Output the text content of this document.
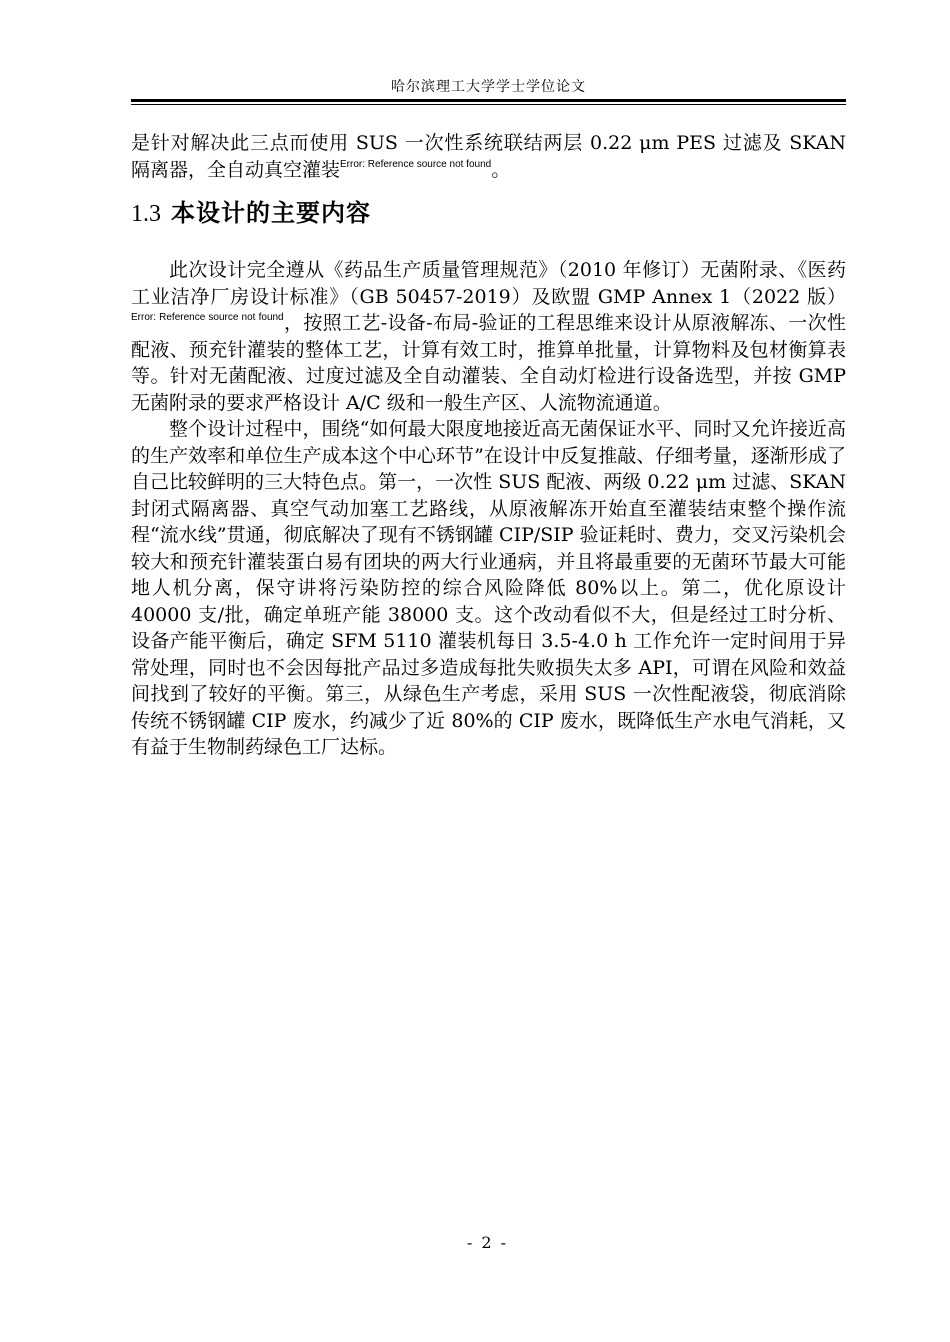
哈尔滨理工大学学士学位论文

是针对解决此三点而使用 SUS 一次性系统联结两层 0.22 μm PES 过滤及 SKAN 隔离器，全自动真空灌装$^{Error: Reference source not found}$。

1.3 本设计的主要内容

此次设计完全遵从《药品生产质量管理规范》（2010 年修订）无菌附录、《医药工业洁净厂房设计标准》（GB 50457-2019）及欧盟 GMP Annex 1（2022 版）$^{Error: Reference source not found}$，按照工艺-设备-布局-验证的工程思维来设计从原液解冻、一次性配液、预充针灌装的整体工艺，计算有效工时，推算单批量，计算物料及包材衡算表等。针对无菌配液、过度过滤及全自动灌装、全自动灯检进行设备选型，并按 GMP 无菌附录的要求严格设计 A/C 级和一般生产区、人流物流通道。

整个设计过程中，围绕“如何最大限度地接近高无菌保证水平、同时又允许接近高的生产效率和单位生产成本这个中心环节”在设计中反复推敲、仔细考量，逐渐形成了自己比较鲜明的三大特色点。第一，一次性 SUS 配液、两级 0.22 μm 过滤、SKAN 封闭式隔离器、真空气动加塞工艺路线，从原液解冻开始直至灌装结束整个操作流程“流水线”贯通，彻底解决了现有不锈钢罐 CIP/SIP 验证耗时、费力，交叉污染机会较大和预充针灌装蛋白易有团块的两大行业通病，并且将最重要的无菌环节最大可能地人机分离，保守讲将污染防控的综合风险降低 80%以上。第二，优化原设计 40000 支/批，确定单班产能 38000 支。这个改动看似不大，但是经过工时分析、设备产能平衡后，确定 SFM 5110 灌装机每日 3.5-4.0 h 工作允许一定时间用于异常处理，同时也不会因每批产品过多造成每批失败损失太多 API，可谓在风险和效益间找到了较好的平衡。第三，从绿色生产考虑，采用 SUS 一次性配液袋，彻底消除传统不锈钢罐 CIP 废水，约减少了近 80%的 CIP 废水，既降低生产水电气消耗，又有益于生物制药绿色工厂达标。

- 2 -
